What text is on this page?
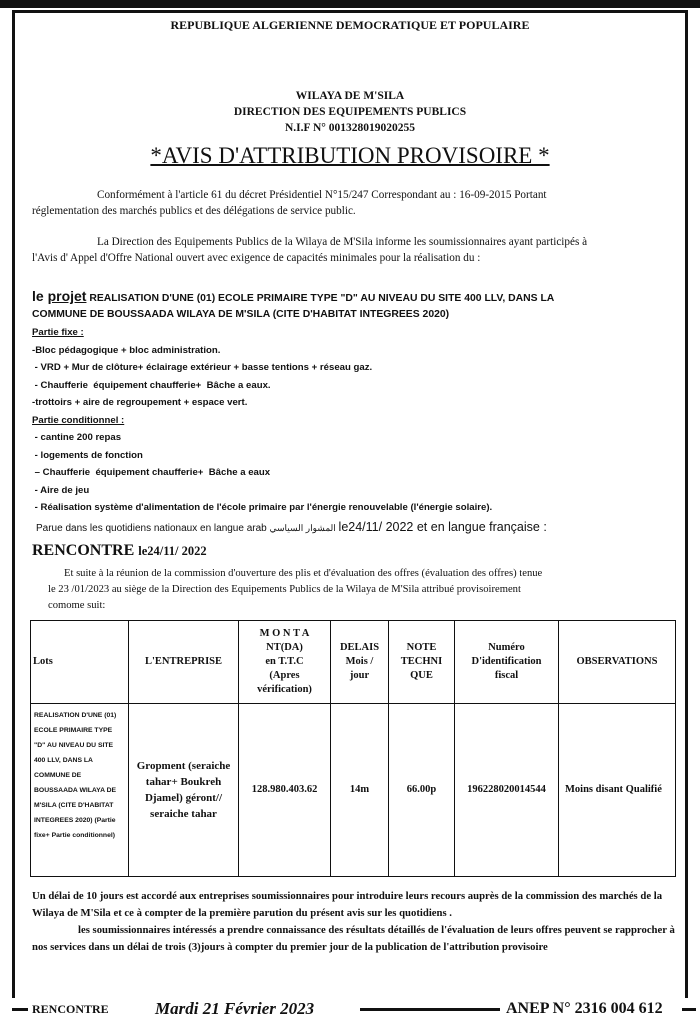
REPUBLIQUE ALGERIENNE DEMOCRATIQUE ET POPULAIRE
WILAYA DE M'SILA
DIRECTION DES EQUIPEMENTS PUBLICS
N.I.F N° 001328019020255
*AVIS D'ATTRIBUTION PROVISOIRE *
Conformément à l'article 61 du décret Présidentiel N°15/247 Correspondant au : 16-09-2015 Portant
réglementation des marchés publics et des délégations de service public.
La Direction des Equipements Publics de la Wilaya de M'Sila informe les soumissionnaires ayant participés à
l'Avis d' Appel d'Offre National ouvert avec exigence de capacités minimales pour la réalisation du :
le projet REALISATION D'UNE (01) ECOLE PRIMAIRE TYPE "D" AU NIVEAU DU SITE 400 LLV, DANS LA
COMMUNE DE BOUSSAADA WILAYA DE M'SILA (CITE D'HABITAT INTEGREES 2020)
Partie fixe :
-Bloc pédagogique + bloc administration.
- VRD + Mur de clôture+ éclairage extérieur + basse tentions + réseau gaz.
- Chaufferie  équipement chaufferie+  Bâche a eaux.
-trottoirs + aire de regroupement + espace vert.
Partie conditionnel :
- cantine 200 repas
- logements de fonction
– Chaufferie  équipement chaufferie+  Bâche a eaux
- Aire de jeu
- Réalisation système d'alimentation de l'école primaire par l'énergie renouvelable (l'énergie solaire).
Parue dans les quotidiens nationaux en langue arab المشوار السياسي le24/11/ 2022 et en langue française :
RENCONTRE le24/11/ 2022
Et suite à la réunion de la commission d'ouverture des plis et d'évaluation des offres (évaluation des offres) tenue
le 23 /01/2023 au siège de la Direction des Equipements Publics de la Wilaya de M'Sila attribué provisoirement
comome suit:
Lots	L'ENTREPRISE	M O N T A
NT(DA)
en T.T.C
(Apres
vérification)	DELAIS
Mois /
jour	NOTE
TECHNI
QUE	Numéro
D'identification
fiscal	OBSERVATIONS
REALISATION D'UNE (01) ECOLE PRIMAIRE TYPE "D" AU NIVEAU DU SITE 400 LLV, DANS LA COMMUNE DE BOUSSAADA WILAYA DE M'SILA (CITE D'HABITAT INTEGREES 2020) (Partie fixe+ Partie conditionnel)	Gropment (seraiche tahar+ Boukreh Djamel) géront// seraiche tahar	128.980.403.62	14m	66.00p	196228020014544	Moins disant Qualifié
Un délai de 10 jours est accordé aux entreprises soumissionnaires pour introduire leurs recours auprès de la commission des marchés de la Wilaya de M'Sila et ce à compter de la première parution du présent avis sur les quotidiens .
les soumissionnaires intéressés a prendre connaissance des résultats détaillés de l'évaluation de leurs offres peuvent se rapprocher à nos services dans un délai de trois (3)jours à compter du premier jour de la publication de l'attribution provisoire
RENCONTRE	Mardi 21 Février 2023	ANEP N° 2316 004 612
